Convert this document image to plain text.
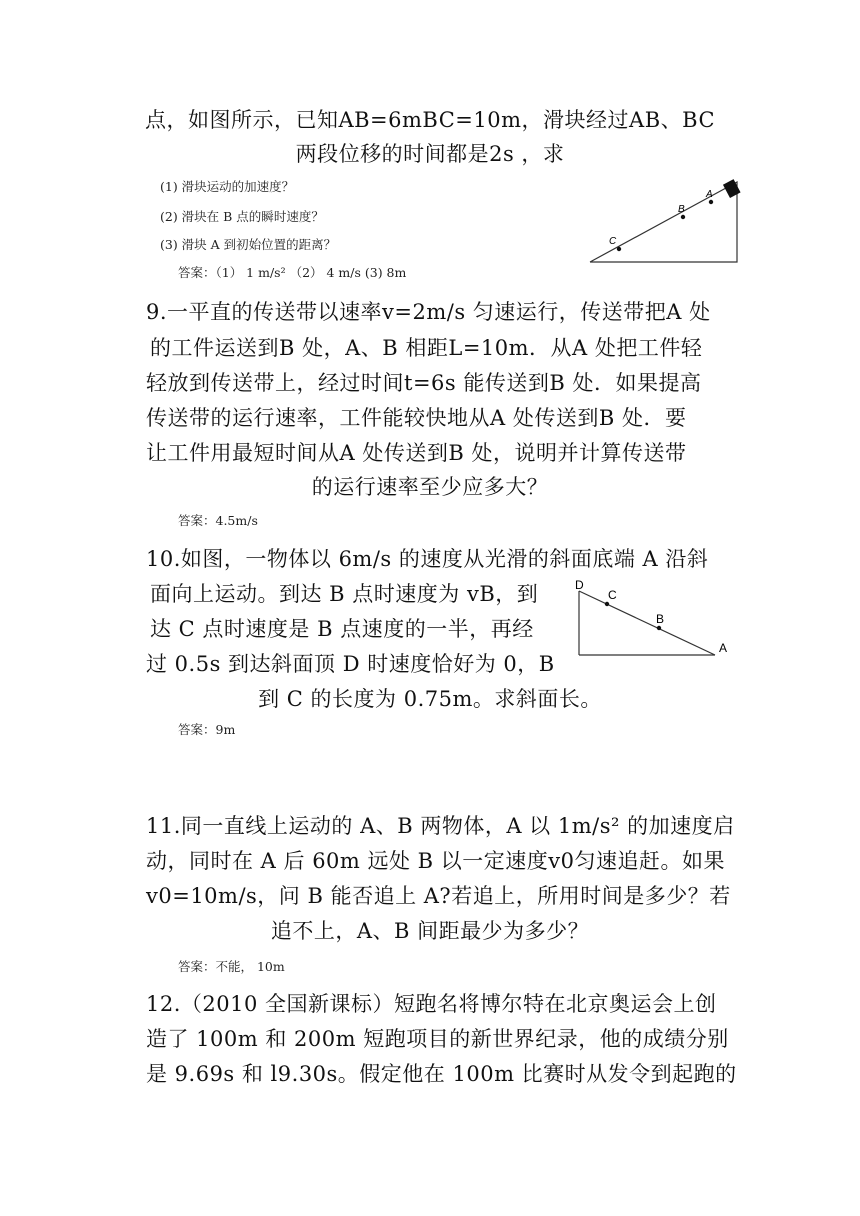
点，如图所示，已知AB=6mBC=10m，滑块经过AB、BC
两段位移的时间都是2s ，求
(1) 滑块运动的加速度？
(2) 滑块在 B 点的瞬时速度？
(3) 滑块 A 到初始位置的距离？
答案：（1） 1 m/s² （2） 4 m/s (3) 8m
A
B
C
9.一平直的传送带以速率v=2m/s 匀速运行，传送带把A 处
的工件运送到B 处，A、B 相距L=10m．从A 处把工件轻
轻放到传送带上，经过时间t=6s 能传送到B 处．如果提高
传送带的运行速率，工件能较快地从A 处传送到B 处．要
让工件用最短时间从A 处传送到B 处，说明并计算传送带
的运行速率至少应多大？
答案：4.5m/s
10.如图，一物体以 6m/s 的速度从光滑的斜面底端 A 沿斜
面向上运动。到达 B 点时速度为 vB，到
达 C 点时速度是 B 点速度的一半，再经
过 0.5s 到达斜面顶 D 时速度恰好为 0，B
到 C 的长度为 0.75m。求斜面长。
答案：9m
D
C
B
A
11.同一直线上运动的 A、B 两物体，A 以 1m/s² 的加速度启
动，同时在 A 后 60m 远处 B 以一定速度v0匀速追赶。如果
v0=10m/s，问 B 能否追上 A?若追上，所用时间是多少？若
追不上，A、B 间距最少为多少？
答案：不能， 10m
12.（2010 全国新课标）短跑名将博尔特在北京奥运会上创
造了 100m 和 200m 短跑项目的新世界纪录，他的成绩分别
是 9.69s 和 l9.30s。假定他在 100m 比赛时从发令到起跑的
